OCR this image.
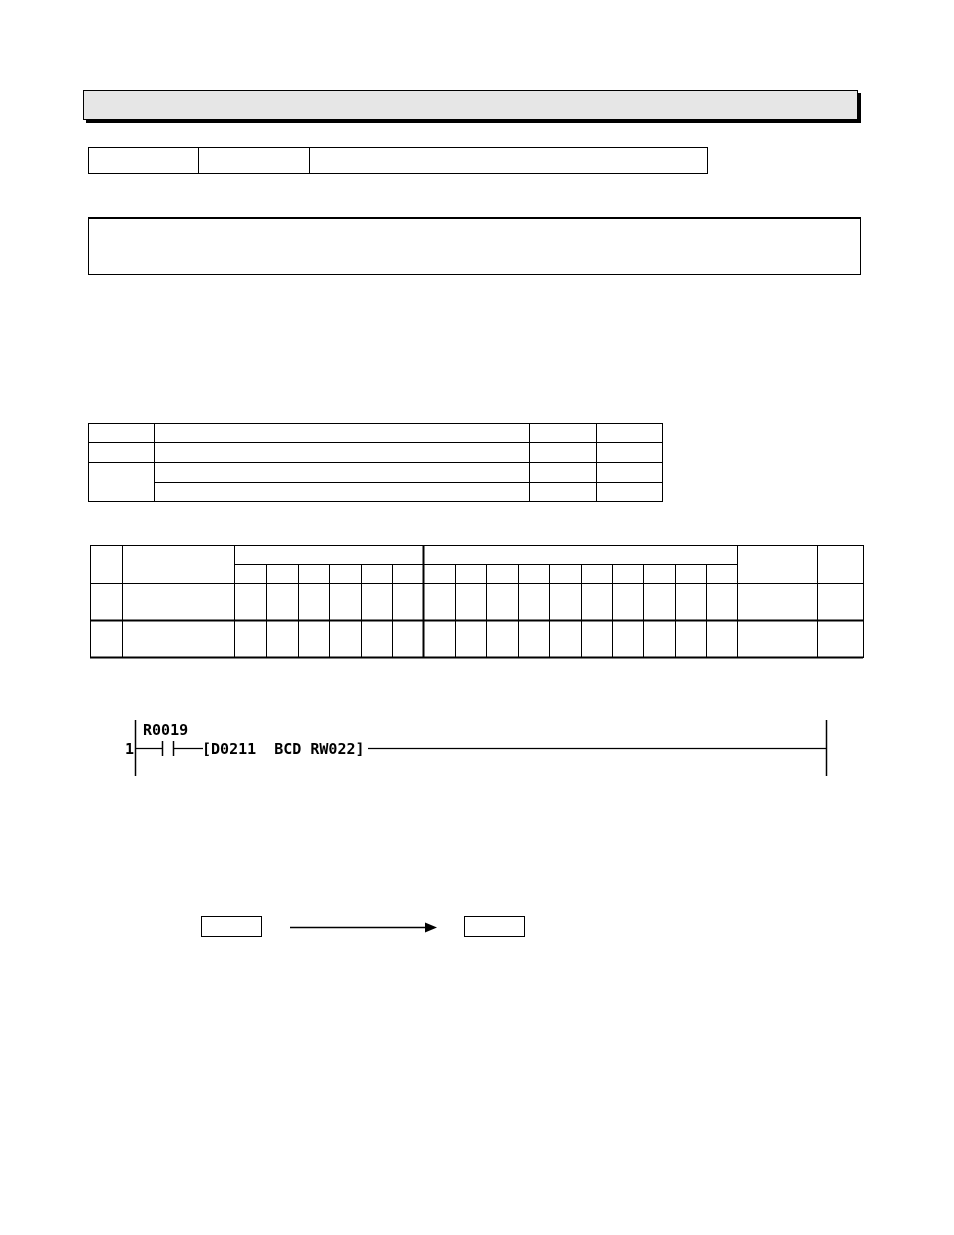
R0019
1	[D0211  BCD RW022]
